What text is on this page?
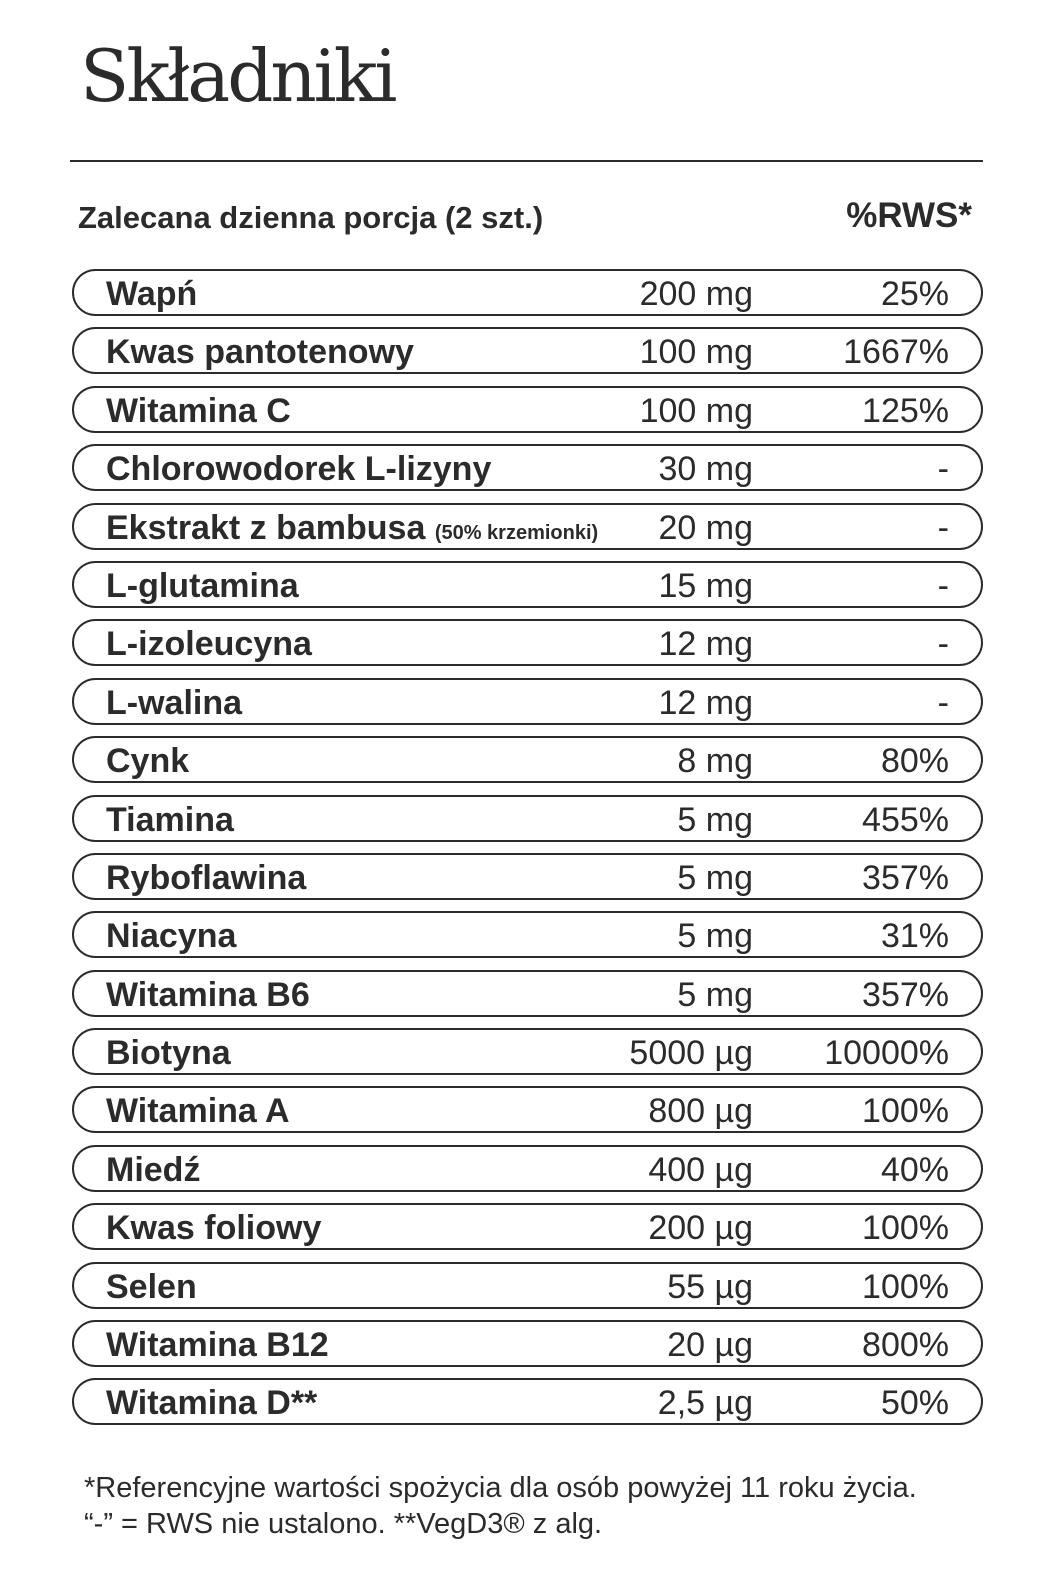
Składniki
Zalecana dzienna porcja (2 szt.)	%RWS*
Wapń	200 mg	25%
Kwas pantotenowy	100 mg	1667%
Witamina C	100 mg	125%
Chlorowodorek L-lizyny	30 mg	-
Ekstrakt z bambusa (50% krzemionki) 20 mg	-
L-glutamina	15 mg	-
L-izoleucyna	12 mg	-
L-walina	12 mg	-
Cynk	8 mg	80%
Tiamina	5 mg	455%
Ryboflawina	5 mg	357%
Niacyna	5 mg	31%
Witamina B6	5 mg	357%
Biotyna	5000 µg 10000%
Witamina A	800 µg	100%
Miedź	400 µg	40%
Kwas foliowy	200 µg	100%
Selen	55 µg	100%
Witamina B12	20 µg	800%
Witamina D**	2,5 µg	50%
*Referencyjne wartości spożycia dla osób powyżej 11 roku życia.
“-” = RWS nie ustalono. **VegD3® z alg.
